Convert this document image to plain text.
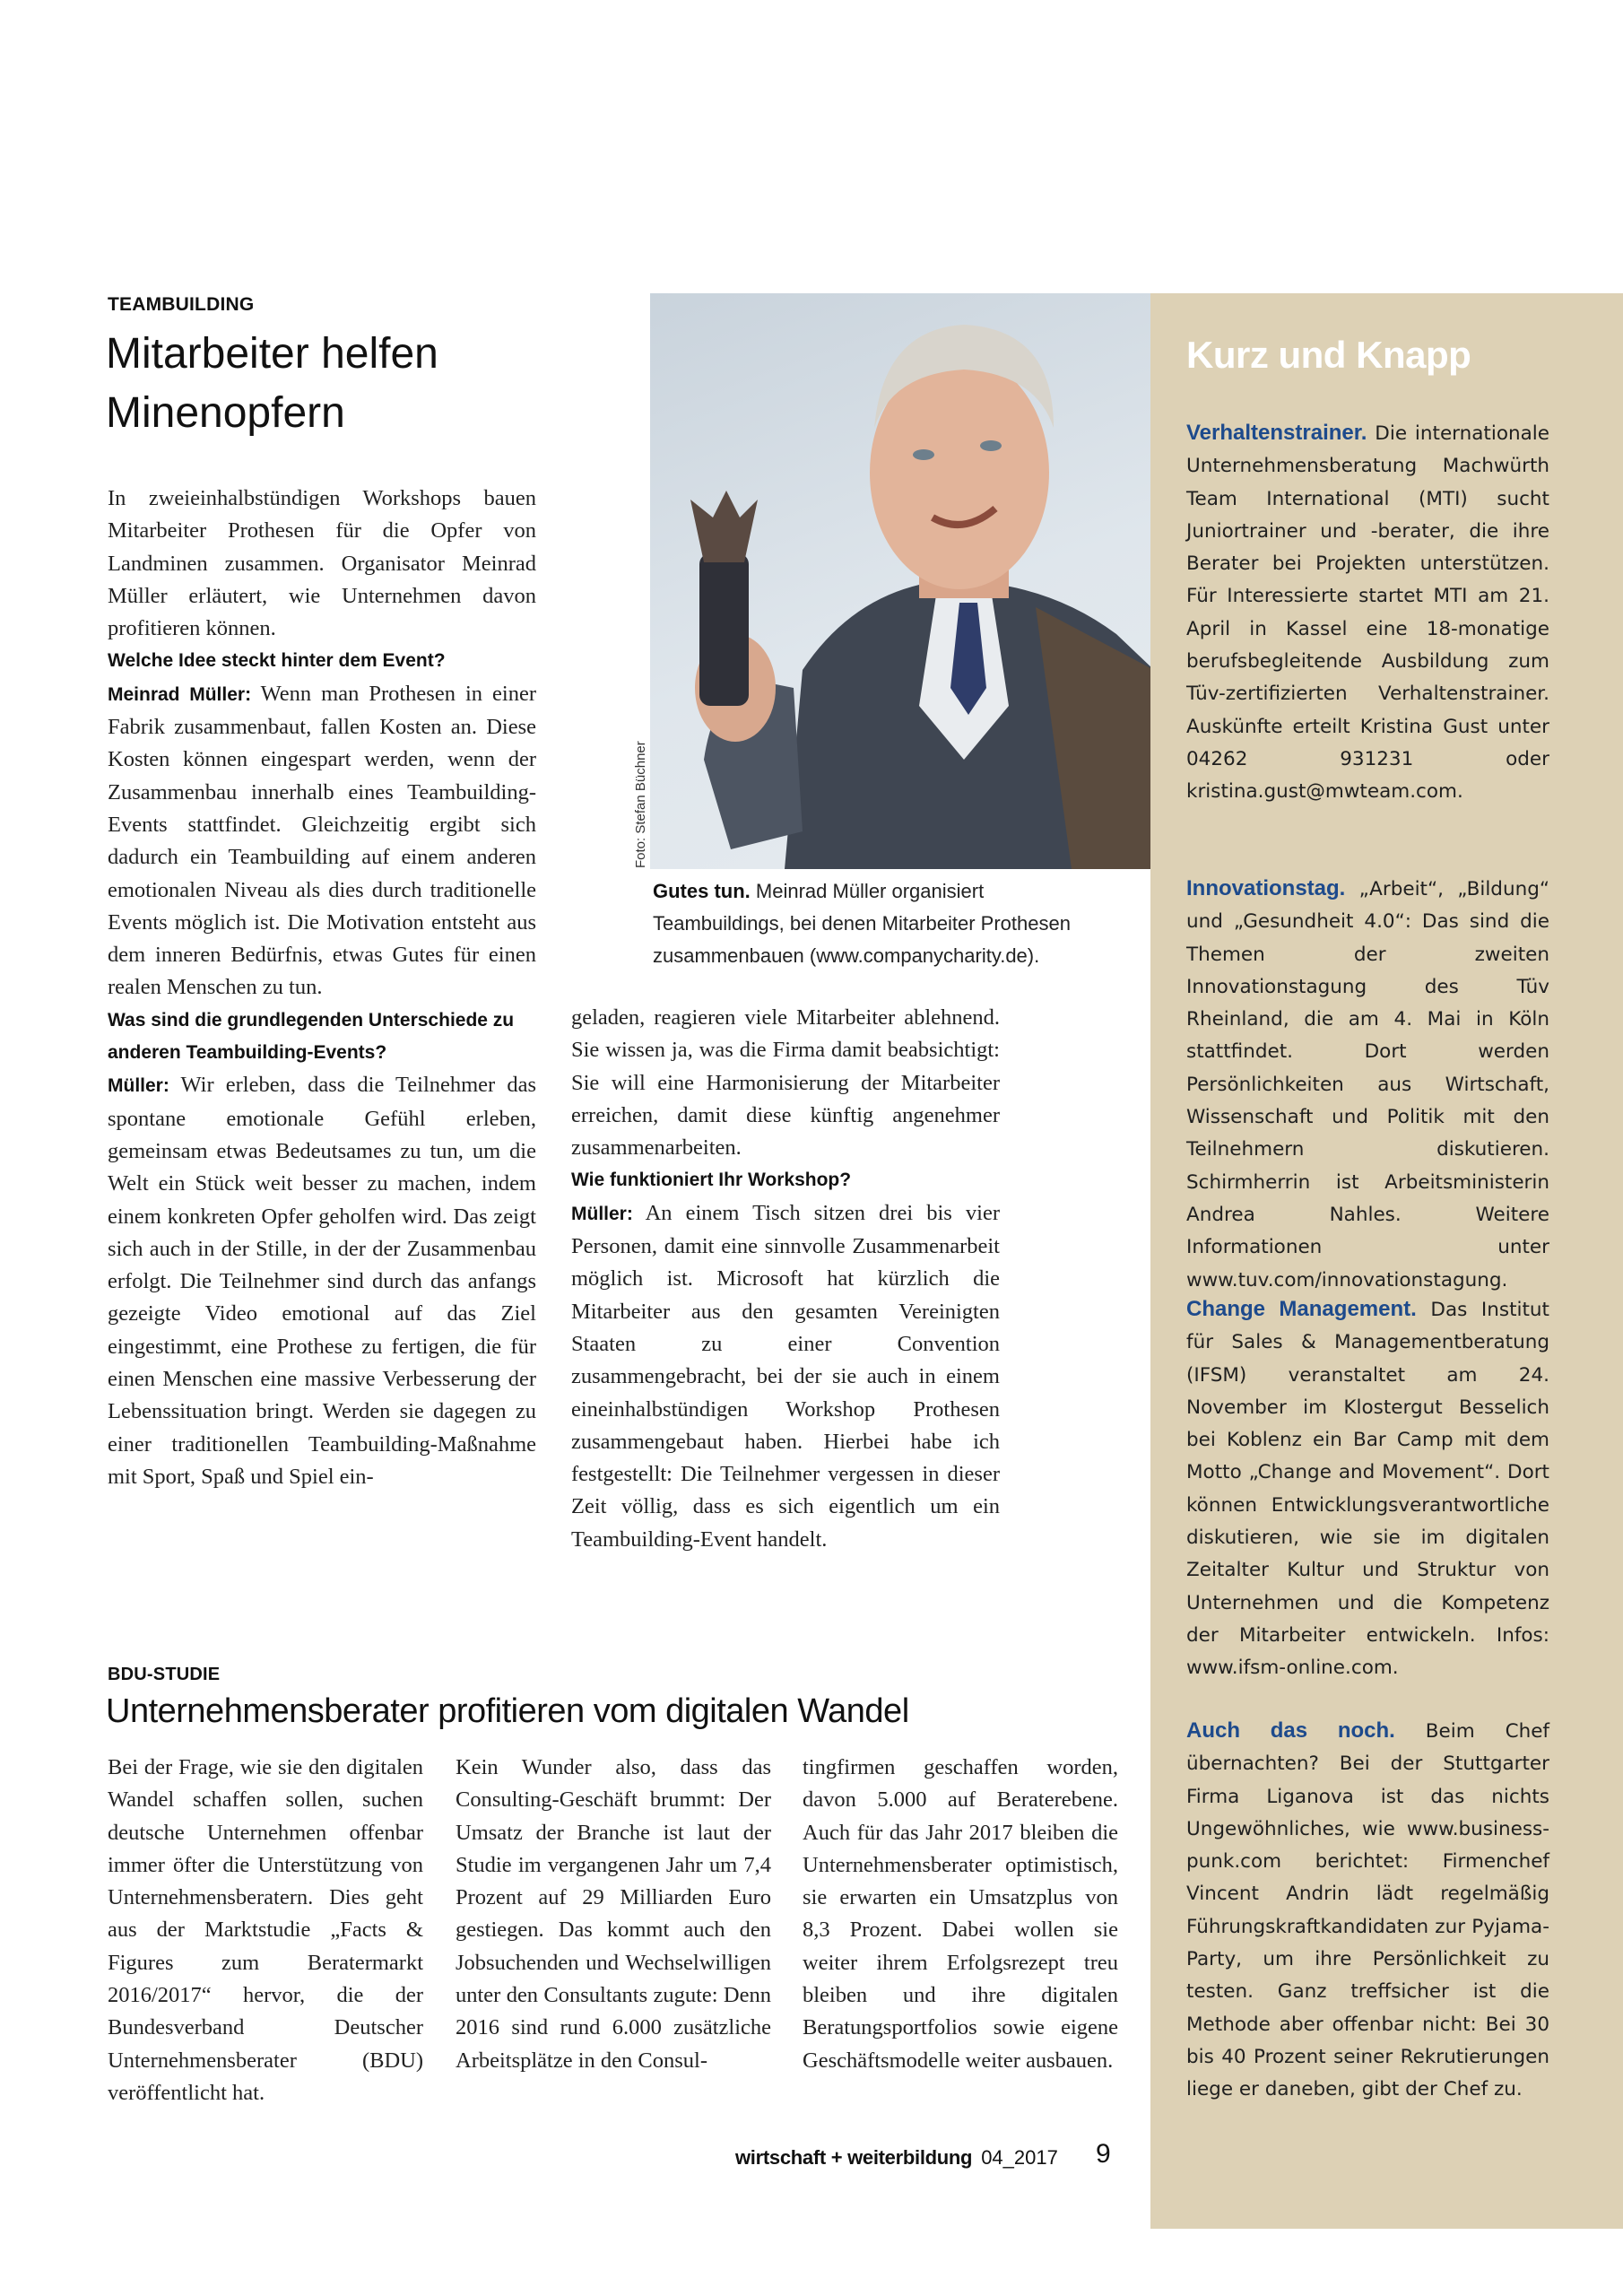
TEAMBUILDING
Mitarbeiter helfen
Minenopfern

In zweieinhalbstündigen Workshops bauen Mitarbeiter Prothesen für die Opfer von Landminen zusammen. Organisator Meinrad Müller erläutert, wie Unternehmen davon profitieren können.

Welche Idee steckt hinter dem Event?

Meinrad Müller: Wenn man Prothesen in einer Fabrik zusammenbaut, fallen Kosten an. Diese Kosten können eingespart werden, wenn der Zusammenbau innerhalb eines Teambuilding-Events stattfindet. Gleichzeitig ergibt sich dadurch ein Teambuilding auf einem anderen emotionalen Niveau als dies durch traditionelle Events möglich ist. Die Motivation entsteht aus dem inneren Bedürfnis, etwas Gutes für einen realen Menschen zu tun.

Was sind die grundlegenden Unterschiede zu anderen Teambuilding-Events?

Müller: Wir erleben, dass die Teilnehmer das spontane emotionale Gefühl erleben, gemeinsam etwas Bedeutsames zu tun, um die Welt ein Stück weit besser zu machen, indem einem konkreten Opfer geholfen wird. Das zeigt sich auch in der Stille, in der der Zusammenbau erfolgt. Die Teilnehmer sind durch das anfangs gezeigte Video emotional auf das Ziel eingestimmt, eine Prothese zu fertigen, die für einen Menschen eine massive Verbesserung der Lebenssituation bringt. Werden sie dagegen zu einer traditionellen Teambuilding-Maßnahme mit Sport, Spaß und Spiel ein-

Foto: Stefan Büchner
Gutes tun. Meinrad Müller organisiert Teambuildings, bei denen Mitarbeiter Prothesen zusammenbauen (www.companycharity.de).

geladen, reagieren viele Mitarbeiter ablehnend. Sie wissen ja, was die Firma damit beabsichtigt: Sie will eine Harmonisierung der Mitarbeiter erreichen, damit diese künftig angenehmer zusammenarbeiten.

Wie funktioniert Ihr Workshop?

Müller: An einem Tisch sitzen drei bis vier Personen, damit eine sinnvolle Zusammenarbeit möglich ist. Microsoft hat kürzlich die Mitarbeiter aus den gesamten Vereinigten Staaten zu einer Convention zusammengebracht, bei der sie auch in einem eineinhalbstündigen Workshop Prothesen zusammengebaut haben. Hierbei habe ich festgestellt: Die Teilnehmer vergessen in dieser Zeit völlig, dass es sich eigentlich um ein Teambuilding-Event handelt.

BDU-STUDIE
Unternehmensberater profitieren vom digitalen Wandel

Bei der Frage, wie sie den digitalen Wandel schaffen sollen, suchen deutsche Unternehmen offenbar immer öfter die Unterstützung von Unternehmensberatern. Dies geht aus der Marktstudie „Facts & Figures zum Beratermarkt 2016/2017“ hervor, die der Bundesverband Deutscher Unternehmensberater (BDU) veröffentlicht hat.

Kein Wunder also, dass das Consulting-Geschäft brummt: Der Umsatz der Branche ist laut der Studie im vergangenen Jahr um 7,4 Prozent auf 29 Milliarden Euro gestiegen. Das kommt auch den Jobsuchenden und Wechselwilligen unter den Consultants zugute: Denn 2016 sind rund 6.000 zusätzliche Arbeitsplätze in den Consul-

tingfirmen geschaffen worden, davon 5.000 auf Beraterebene. Auch für das Jahr 2017 bleiben die Unternehmensberater optimistisch, sie erwarten ein Umsatzplus von 8,3 Prozent. Dabei wollen sie weiter ihrem Erfolgsrezept treu bleiben und ihre digitalen Beratungsportfolios sowie eigene Geschäftsmodelle weiter ausbauen.

Kurz und Knapp
Verhaltenstrainer. Die internationale Unternehmensberatung Machwürth Team International (MTI) sucht Juniortrainer und -berater, die ihre Berater bei Projekten unterstützen. Für Interessierte startet MTI am 21. April in Kassel eine 18-monatige berufsbegleitende Ausbildung zum Tüv-zertifizierten Verhaltenstrainer. Auskünfte erteilt Kristina Gust unter 04262 931231 oder kristina.gust@mwteam.com.
Innovationstag. „Arbeit“, „Bildung“ und „Gesundheit 4.0“: Das sind die Themen der zweiten Innovationstagung des Tüv Rheinland, die am 4. Mai in Köln stattfindet. Dort werden Persönlichkeiten aus Wirtschaft, Wissenschaft und Politik mit den Teilnehmern diskutieren. Schirmherrin ist Arbeitsministerin Andrea Nahles. Weitere Informationen unter www.tuv.com/innovationstagung.
Change Management. Das Institut für Sales & Managementberatung (IFSM) veranstaltet am 24. November im Klostergut Besselich bei Koblenz ein Bar Camp mit dem Motto „Change and Movement“. Dort können Entwicklungsverantwortliche diskutieren, wie sie im digitalen Zeitalter Kultur und Struktur von Unternehmen und die Kompetenz der Mitarbeiter entwickeln. Infos: www.ifsm-online.com.
Auch das noch. Beim Chef übernachten? Bei der Stuttgarter Firma Liganova ist das nichts Ungewöhnliches, wie www.business-punk.com berichtet: Firmenchef Vincent Andrin lädt regelmäßig Führungskraftkandidaten zur Pyjama-Party, um ihre Persönlichkeit zu testen. Ganz treffsicher ist die Methode aber offenbar nicht: Bei 30 bis 40 Prozent seiner Rekrutierungen liege er daneben, gibt der Chef zu.
wirtschaft + weiterbildung 04_2017 9
